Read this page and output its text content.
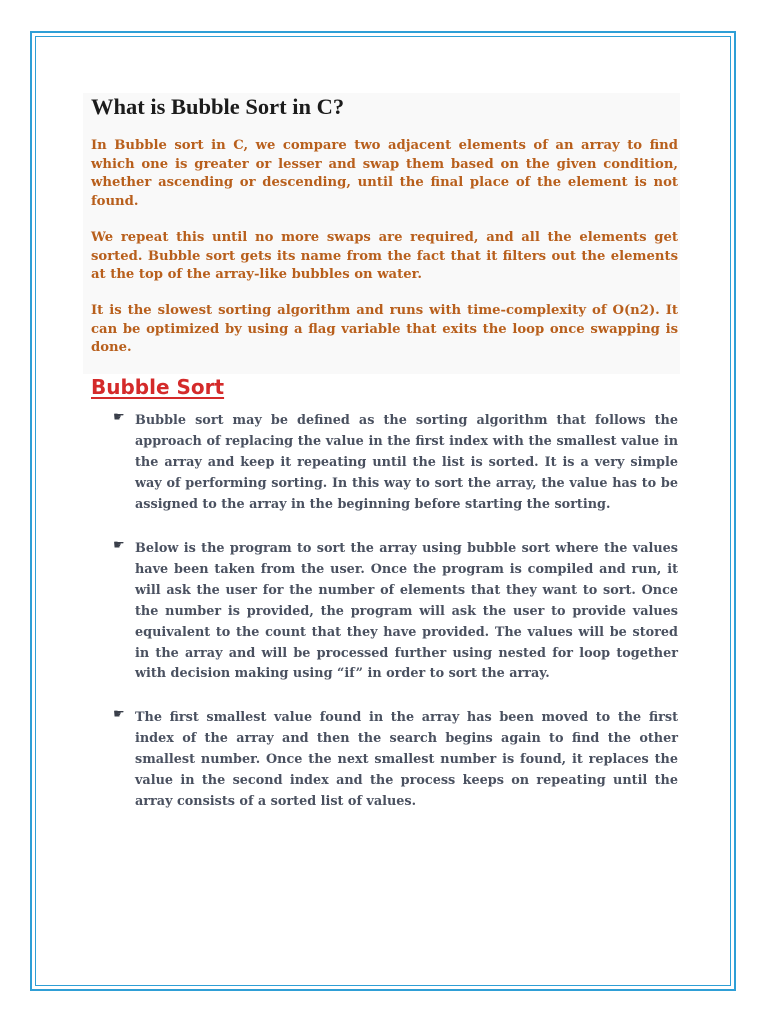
What is Bubble Sort in C?

In Bubble sort in C, we compare two adjacent elements of an array to find which one is greater or lesser and swap them based on the given condition, whether ascending or descending, until the final place of the element is not found.

We repeat this until no more swaps are required, and all the elements get sorted. Bubble sort gets its name from the fact that it filters out the elements at the top of the array-like bubbles on water.

It is the slowest sorting algorithm and runs with time-complexity of O(n2). It can be optimized by using a flag variable that exits the loop once swapping is done.

Bubble Sort
☛ Bubble sort may be defined as the sorting algorithm that follows the approach of replacing the value in the first index with the smallest value in the array and keep it repeating until the list is sorted. It is a very simple way of performing sorting. In this way to sort the array, the value has to be assigned to the array in the beginning before starting the sorting.

☛ Below is the program to sort the array using bubble sort where the values have been taken from the user. Once the program is compiled and run, it will ask the user for the number of elements that they want to sort. Once the number is provided, the program will ask the user to provide values equivalent to the count that they have provided. The values will be stored in the array and will be processed further using nested for loop together with decision making using “if” in order to sort the array.

☛ The first smallest value found in the array has been moved to the first index of the array and then the search begins again to find the other smallest number. Once the next smallest number is found, it replaces the value in the second index and the process keeps on repeating until the array consists of a sorted list of values.
